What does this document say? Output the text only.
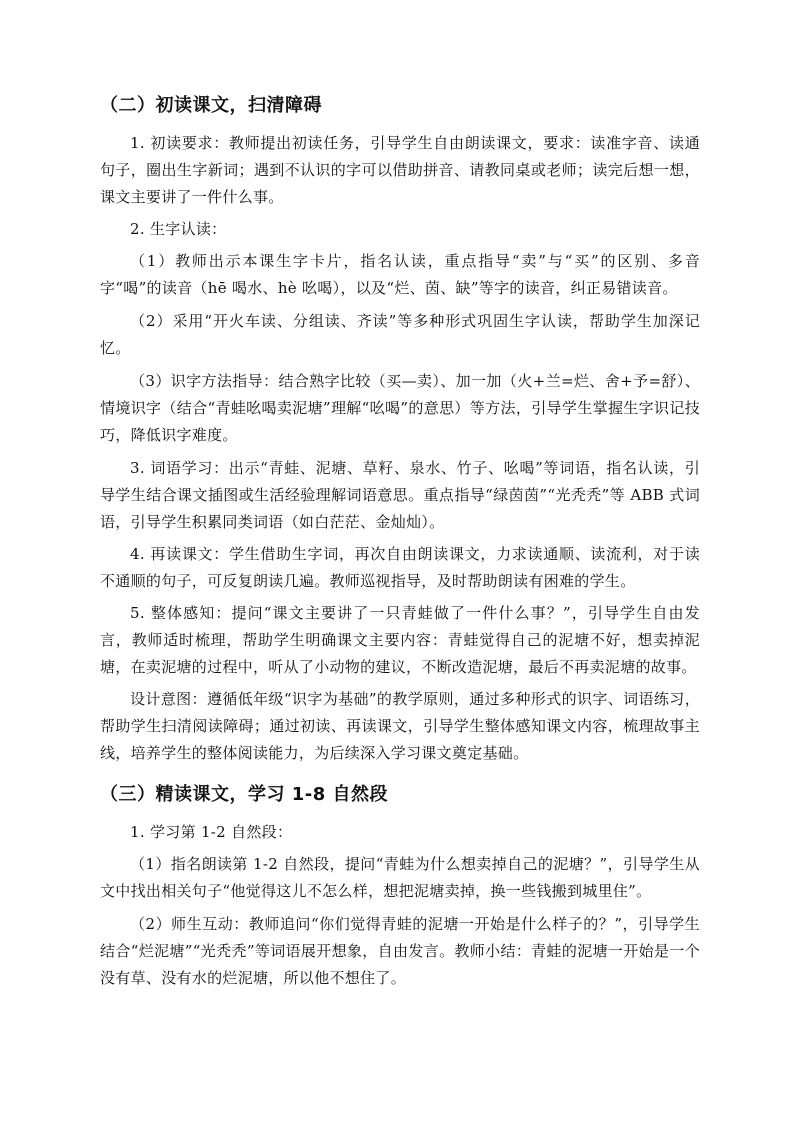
（二）初读课文，扫清障碍

1. 初读要求：教师提出初读任务，引导学生自由朗读课文，要求：读准字音、读通句子，圈出生字新词；遇到不认识的字可以借助拼音、请教同桌或老师；读完后想一想，课文主要讲了一件什么事。

2. 生字认读：

（1）教师出示本课生字卡片，指名认读，重点指导“卖”与“买”的区别、多音字“喝”的读音（hē 喝水、hè 吆喝），以及“烂、茵、缺”等字的读音，纠正易错读音。

（2）采用“开火车读、分组读、齐读”等多种形式巩固生字认读，帮助学生加深记忆。

（3）识字方法指导：结合熟字比较（买—卖）、加一加（火+兰=烂、舍+予=舒）、情境识字（结合“青蛙吆喝卖泥塘”理解“吆喝”的意思）等方法，引导学生掌握生字识记技巧，降低识字难度。

3. 词语学习：出示“青蛙、泥塘、草籽、泉水、竹子、吆喝”等词语，指名认读，引导学生结合课文插图或生活经验理解词语意思。重点指导“绿茵茵”“光秃秃”等 ABB 式词语，引导学生积累同类词语（如白茫茫、金灿灿）。

4. 再读课文：学生借助生字词，再次自由朗读课文，力求读通顺、读流利，对于读不通顺的句子，可反复朗读几遍。教师巡视指导，及时帮助朗读有困难的学生。

5. 整体感知：提问“课文主要讲了一只青蛙做了一件什么事？”，引导学生自由发言，教师适时梳理，帮助学生明确课文主要内容：青蛙觉得自己的泥塘不好，想卖掉泥塘，在卖泥塘的过程中，听从了小动物的建议，不断改造泥塘，最后不再卖泥塘的故事。

设计意图：遵循低年级“识字为基础”的教学原则，通过多种形式的识字、词语练习，帮助学生扫清阅读障碍；通过初读、再读课文，引导学生整体感知课文内容，梳理故事主线，培养学生的整体阅读能力，为后续深入学习课文奠定基础。

（三）精读课文，学习 1-8 自然段

1. 学习第 1-2 自然段：

（1）指名朗读第 1-2 自然段，提问“青蛙为什么想卖掉自己的泥塘？”，引导学生从文中找出相关句子“他觉得这儿不怎么样，想把泥塘卖掉，换一些钱搬到城里住”。

（2）师生互动：教师追问“你们觉得青蛙的泥塘一开始是什么样子的？”，引导学生结合“烂泥塘”“光秃秃”等词语展开想象，自由发言。教师小结：青蛙的泥塘一开始是一个没有草、没有水的烂泥塘，所以他不想住了。
